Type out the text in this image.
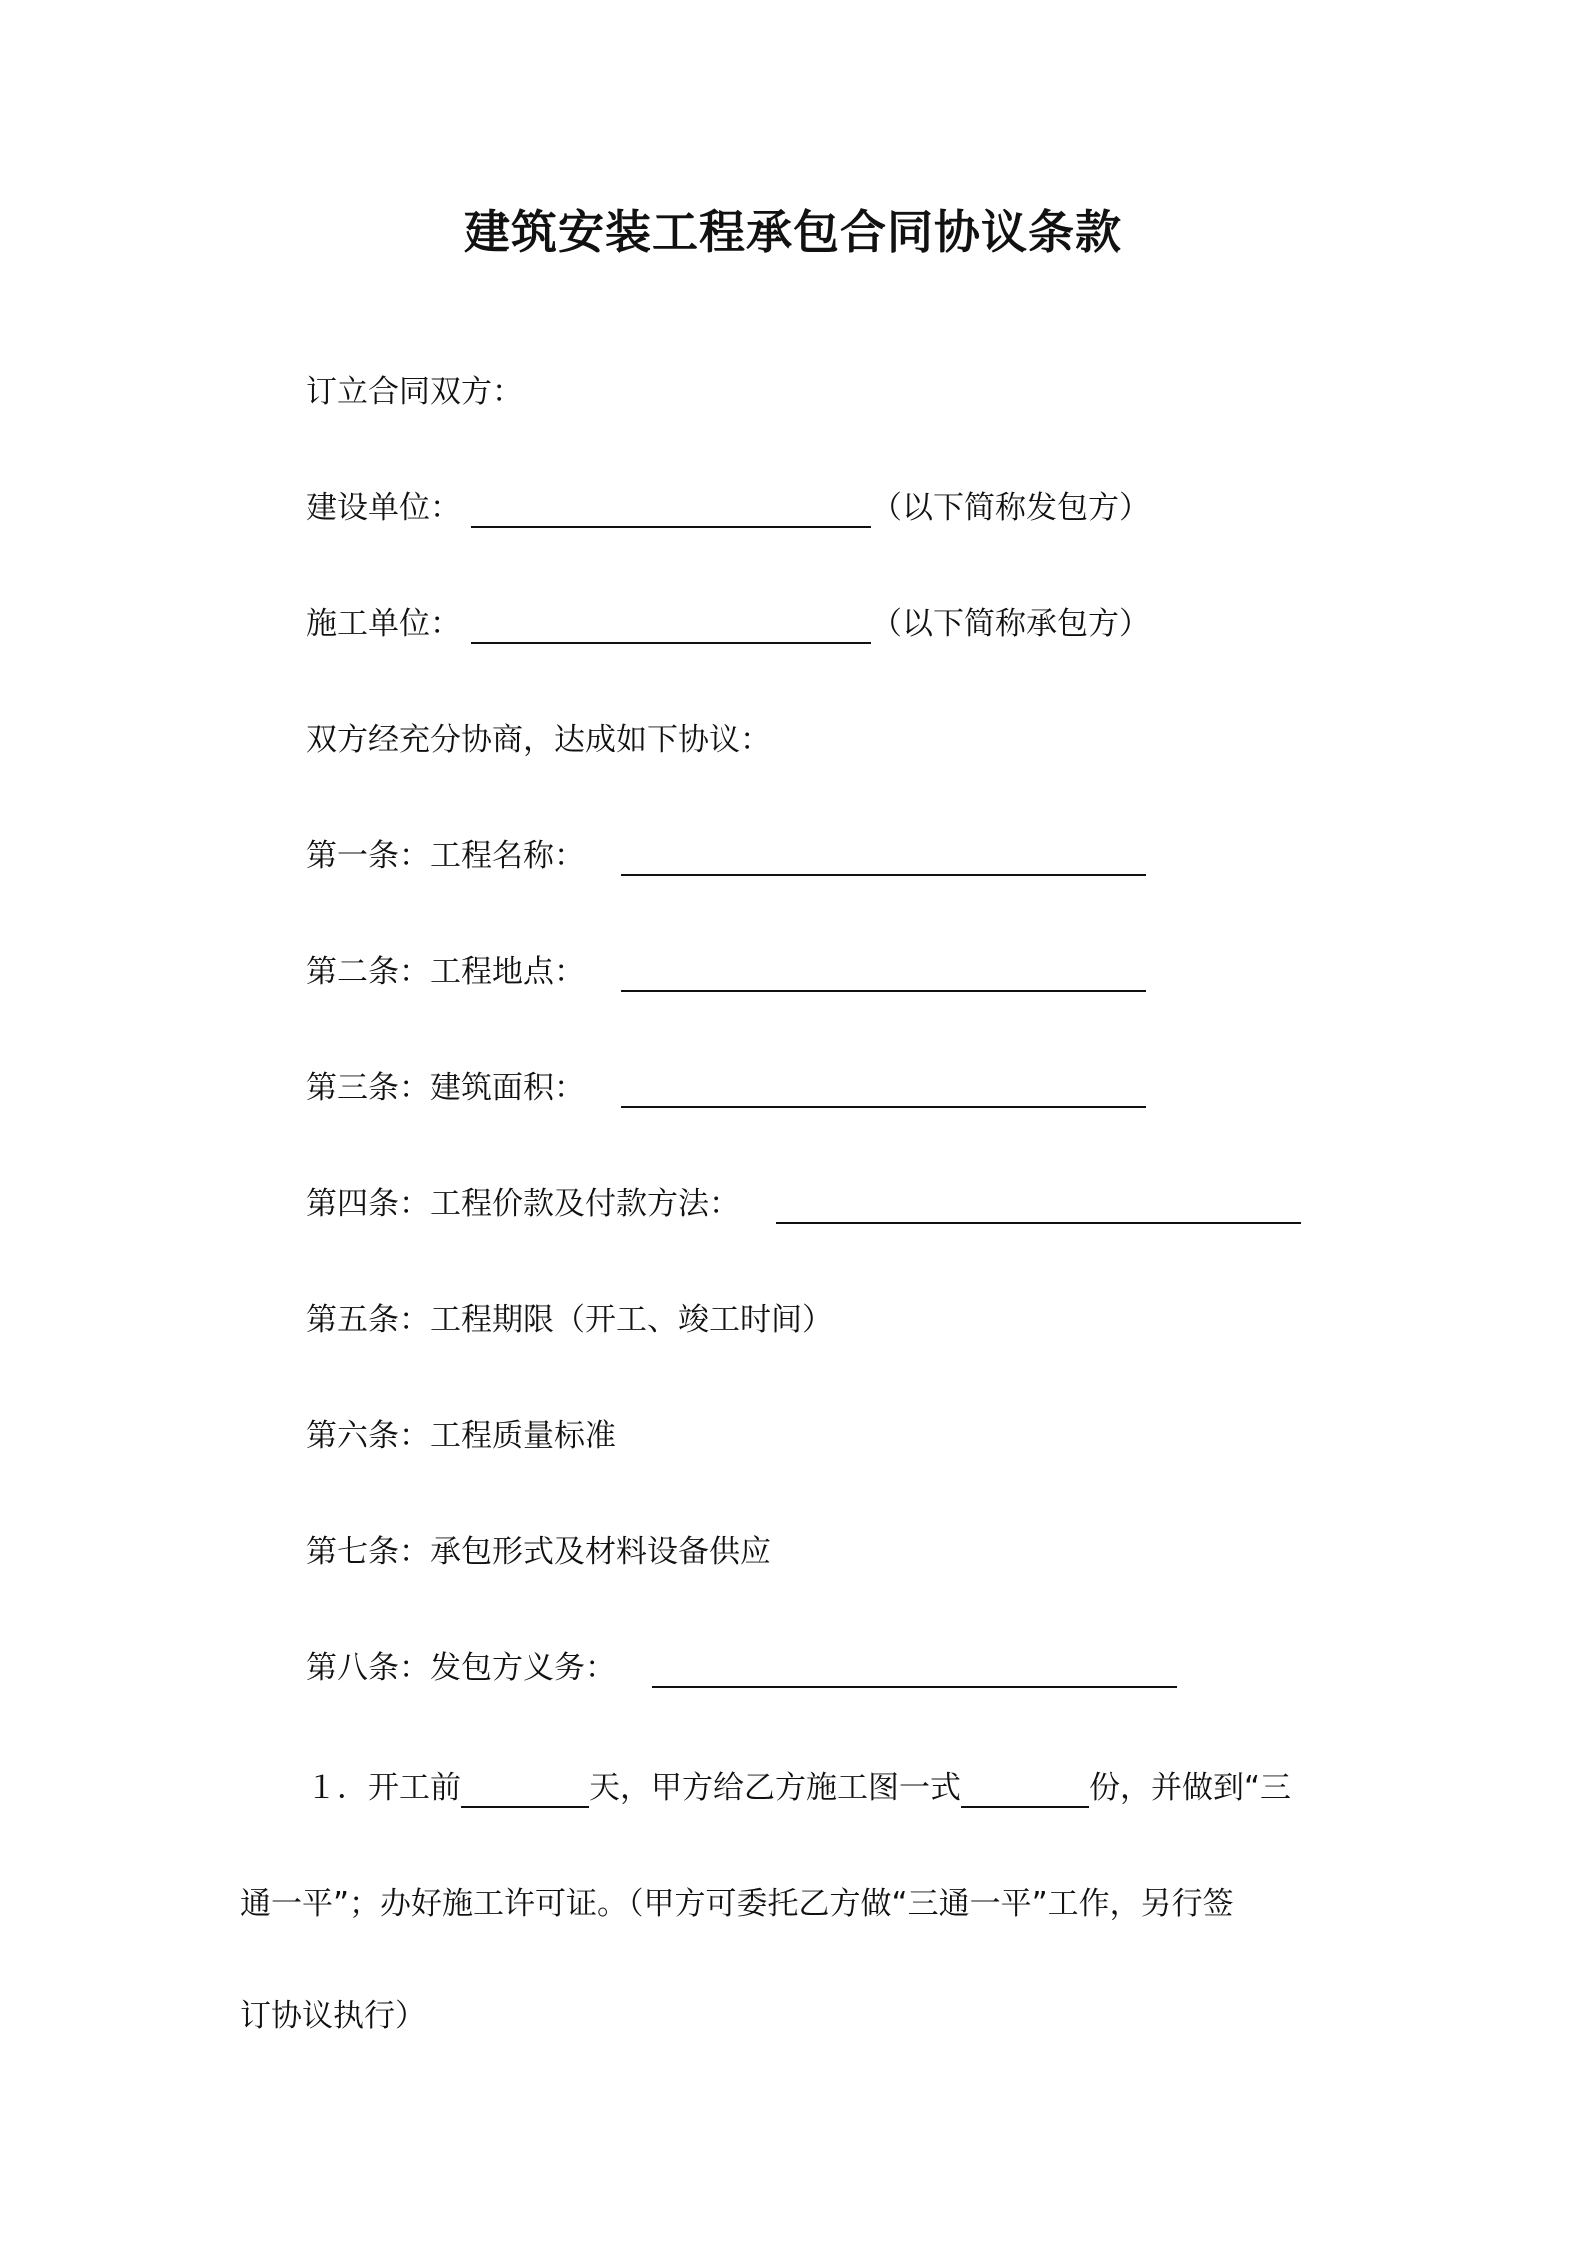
建筑安装工程承包合同协议条款
订立合同双方：
建设单位：	（以下简称发包方）
施工单位：	（以下简称承包方）
双方经充分协商，达成如下协议：
第一条：工程名称：
第二条：工程地点：
第三条：建筑面积：
第四条：工程价款及付款方法：
第五条：工程期限（开工、竣工时间）
第六条：工程质量标准
第七条：承包形式及材料设备供应
第八条：发包方义务：
１．开工前	天，甲方给乙方施工图一式	份，并做到“三
通一平”；办好施工许可证。（甲方可委托乙方做“三通一平”工作，另行签
订协议执行）
